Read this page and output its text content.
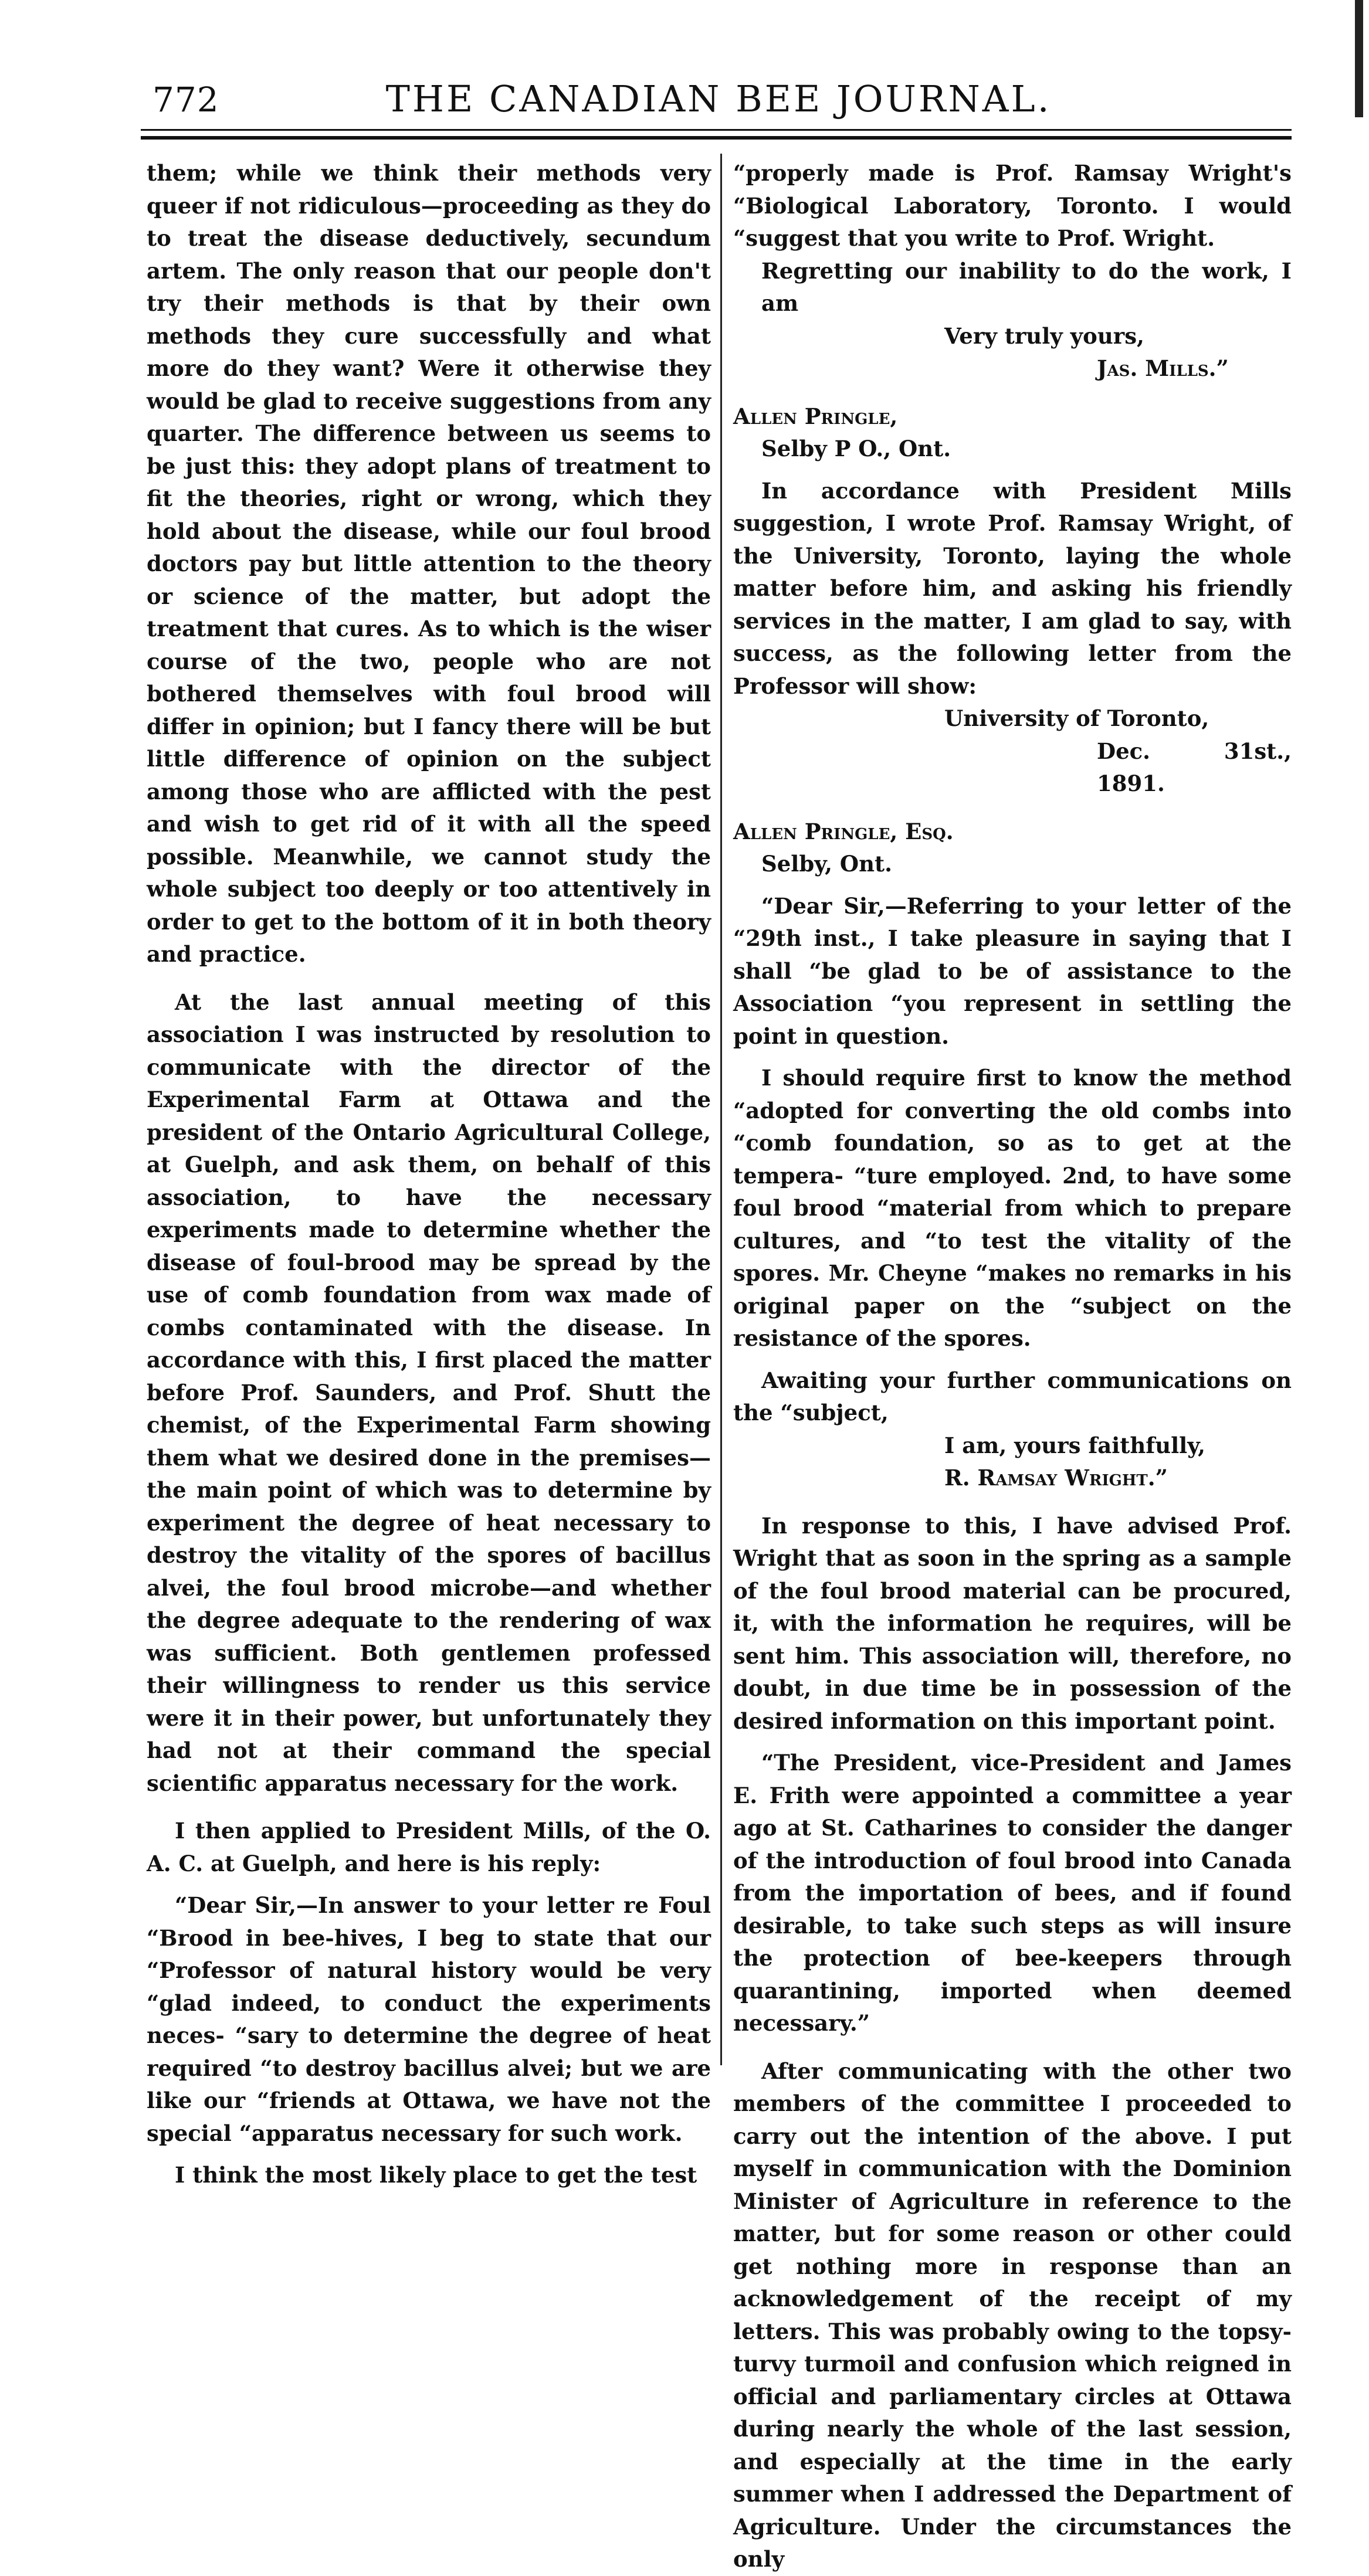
772	THE CANADIAN BEE JOURNAL.

them; while we think their methods very queer if not ridiculous—proceeding as they do to treat the disease deductively, secundum artem. The only reason that our people don't try their methods is that by their own methods they cure successfully and what more do they want? Were it otherwise they would be glad to receive suggestions from any quarter. The difference between us seems to be just this: they adopt plans of treatment to fit the theories, right or wrong, which they hold about the disease, while our foul brood doctors pay but little attention to the theory or science of the matter, but adopt the treatment that cures. As to which is the wiser course of the two, people who are not bothered themselves with foul brood will differ in opinion; but I fancy there will be but little difference of opinion on the subject among those who are afflicted with the pest and wish to get rid of it with all the speed possible. Meanwhile, we cannot study the whole subject too deeply or too attentively in order to get to the bottom of it in both theory and practice.

At the last annual meeting of this association I was instructed by resolution to communicate with the director of the Experimental Farm at Ottawa and the president of the Ontario Agricultural College, at Guelph, and ask them, on behalf of this association, to have the necessary experiments made to determine whether the disease of foul-brood may be spread by the use of comb foundation from wax made of combs contaminated with the disease. In accordance with this, I first placed the matter before Prof. Saunders, and Prof. Shutt the chemist, of the Experimental Farm showing them what we desired done in the premises—the main point of which was to determine by experiment the degree of heat necessary to destroy the vitality of the spores of bacillus alvei, the foul brood microbe—and whether the degree adequate to the rendering of wax was sufficient. Both gentlemen professed their willingness to render us this service were it in their power, but unfortunately they had not at their command the special scientific apparatus necessary for the work.

I then applied to President Mills, of the O. A. C. at Guelph, and here is his reply:

“Dear Sir,—In answer to your letter re Foul “Brood in bee-hives, I beg to state that our “Professor of natural history would be very “glad indeed, to conduct the experiments neces- “sary to determine the degree of heat required “to destroy bacillus alvei; but we are like our “friends at Ottawa, we have not the special “apparatus necessary for such work.

I think the most likely place to get the test

“properly made is Prof. Ramsay Wright's “Biological Laboratory, Toronto. I would “suggest that you write to Prof. Wright.

Regretting our inability to do the work, I am

Very truly yours,

Jas. Mills.”

Allen Pringle,

Selby P O., Ont.

In accordance with President Mills suggestion, I wrote Prof. Ramsay Wright, of the University, Toronto, laying the whole matter before him, and asking his friendly services in the matter, I am glad to say, with success, as the following letter from the Professor will show:

University of Toronto,

Dec. 31st., 1891.

Allen Pringle, Esq.

Selby, Ont.

“Dear Sir,—Referring to your letter of the “29th inst., I take pleasure in saying that I shall “be glad to be of assistance to the Association “you represent in settling the point in question.

I should require first to know the method “adopted for converting the old combs into “comb foundation, so as to get at the tempera- “ture employed. 2nd, to have some foul brood “material from which to prepare cultures, and “to test the vitality of the spores. Mr. Cheyne “makes no remarks in his original paper on the “subject on the resistance of the spores.

Awaiting your further communications on the “subject,

I am, yours faithfully,

R. Ramsay Wright.”

In response to this, I have advised Prof. Wright that as soon in the spring as a sample of the foul brood material can be procured, it, with the information he requires, will be sent him. This association will, therefore, no doubt, in due time be in possession of the desired information on this important point.

“The President, vice-President and James E. Frith were appointed a committee a year ago at St. Catharines to consider the danger of the introduction of foul brood into Canada from the importation of bees, and if found desirable, to take such steps as will insure the protection of bee-keepers through quarantining, imported when deemed necessary.”

After communicating with the other two members of the committee I proceeded to carry out the intention of the above. I put myself in communication with the Dominion Minister of Agriculture in reference to the matter, but for some reason or other could get nothing more in response than an acknowledgement of the receipt of my letters. This was probably owing to the topsy-turvy turmoil and confusion which reigned in official and parliamentary circles at Ottawa during nearly the whole of the last session, and especially at the time in the early summer when I addressed the Department of Agriculture. Under the circumstances the only
